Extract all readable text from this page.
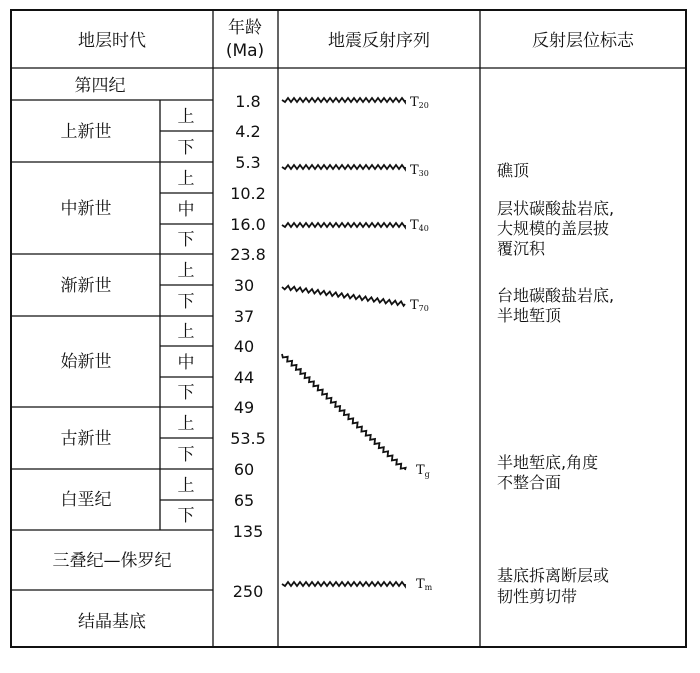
地层时代
年龄
(Ma)	地震反射序列	反射层位标志
第四纪
上新世
中新世
渐新世
始新世
古新世
白垩纪
三叠纪—侏罗纪
结晶基底
上
下
上
中
下
上
下
上
中
下
上
下
上
下
1.8
4.2
5.3
10.2
16.0
23.8
30
37
40
44
49
53.5
60
65
135
250
T20
T30
T40
T70
Tg
Tm
礁顶
层状碳酸盐岩底,
大规模的盖层披
覆沉积
台地碳酸盐岩底,
半地堑顶
半地堑底,角度
不整合面
基底拆离断层或
韧性剪切带
